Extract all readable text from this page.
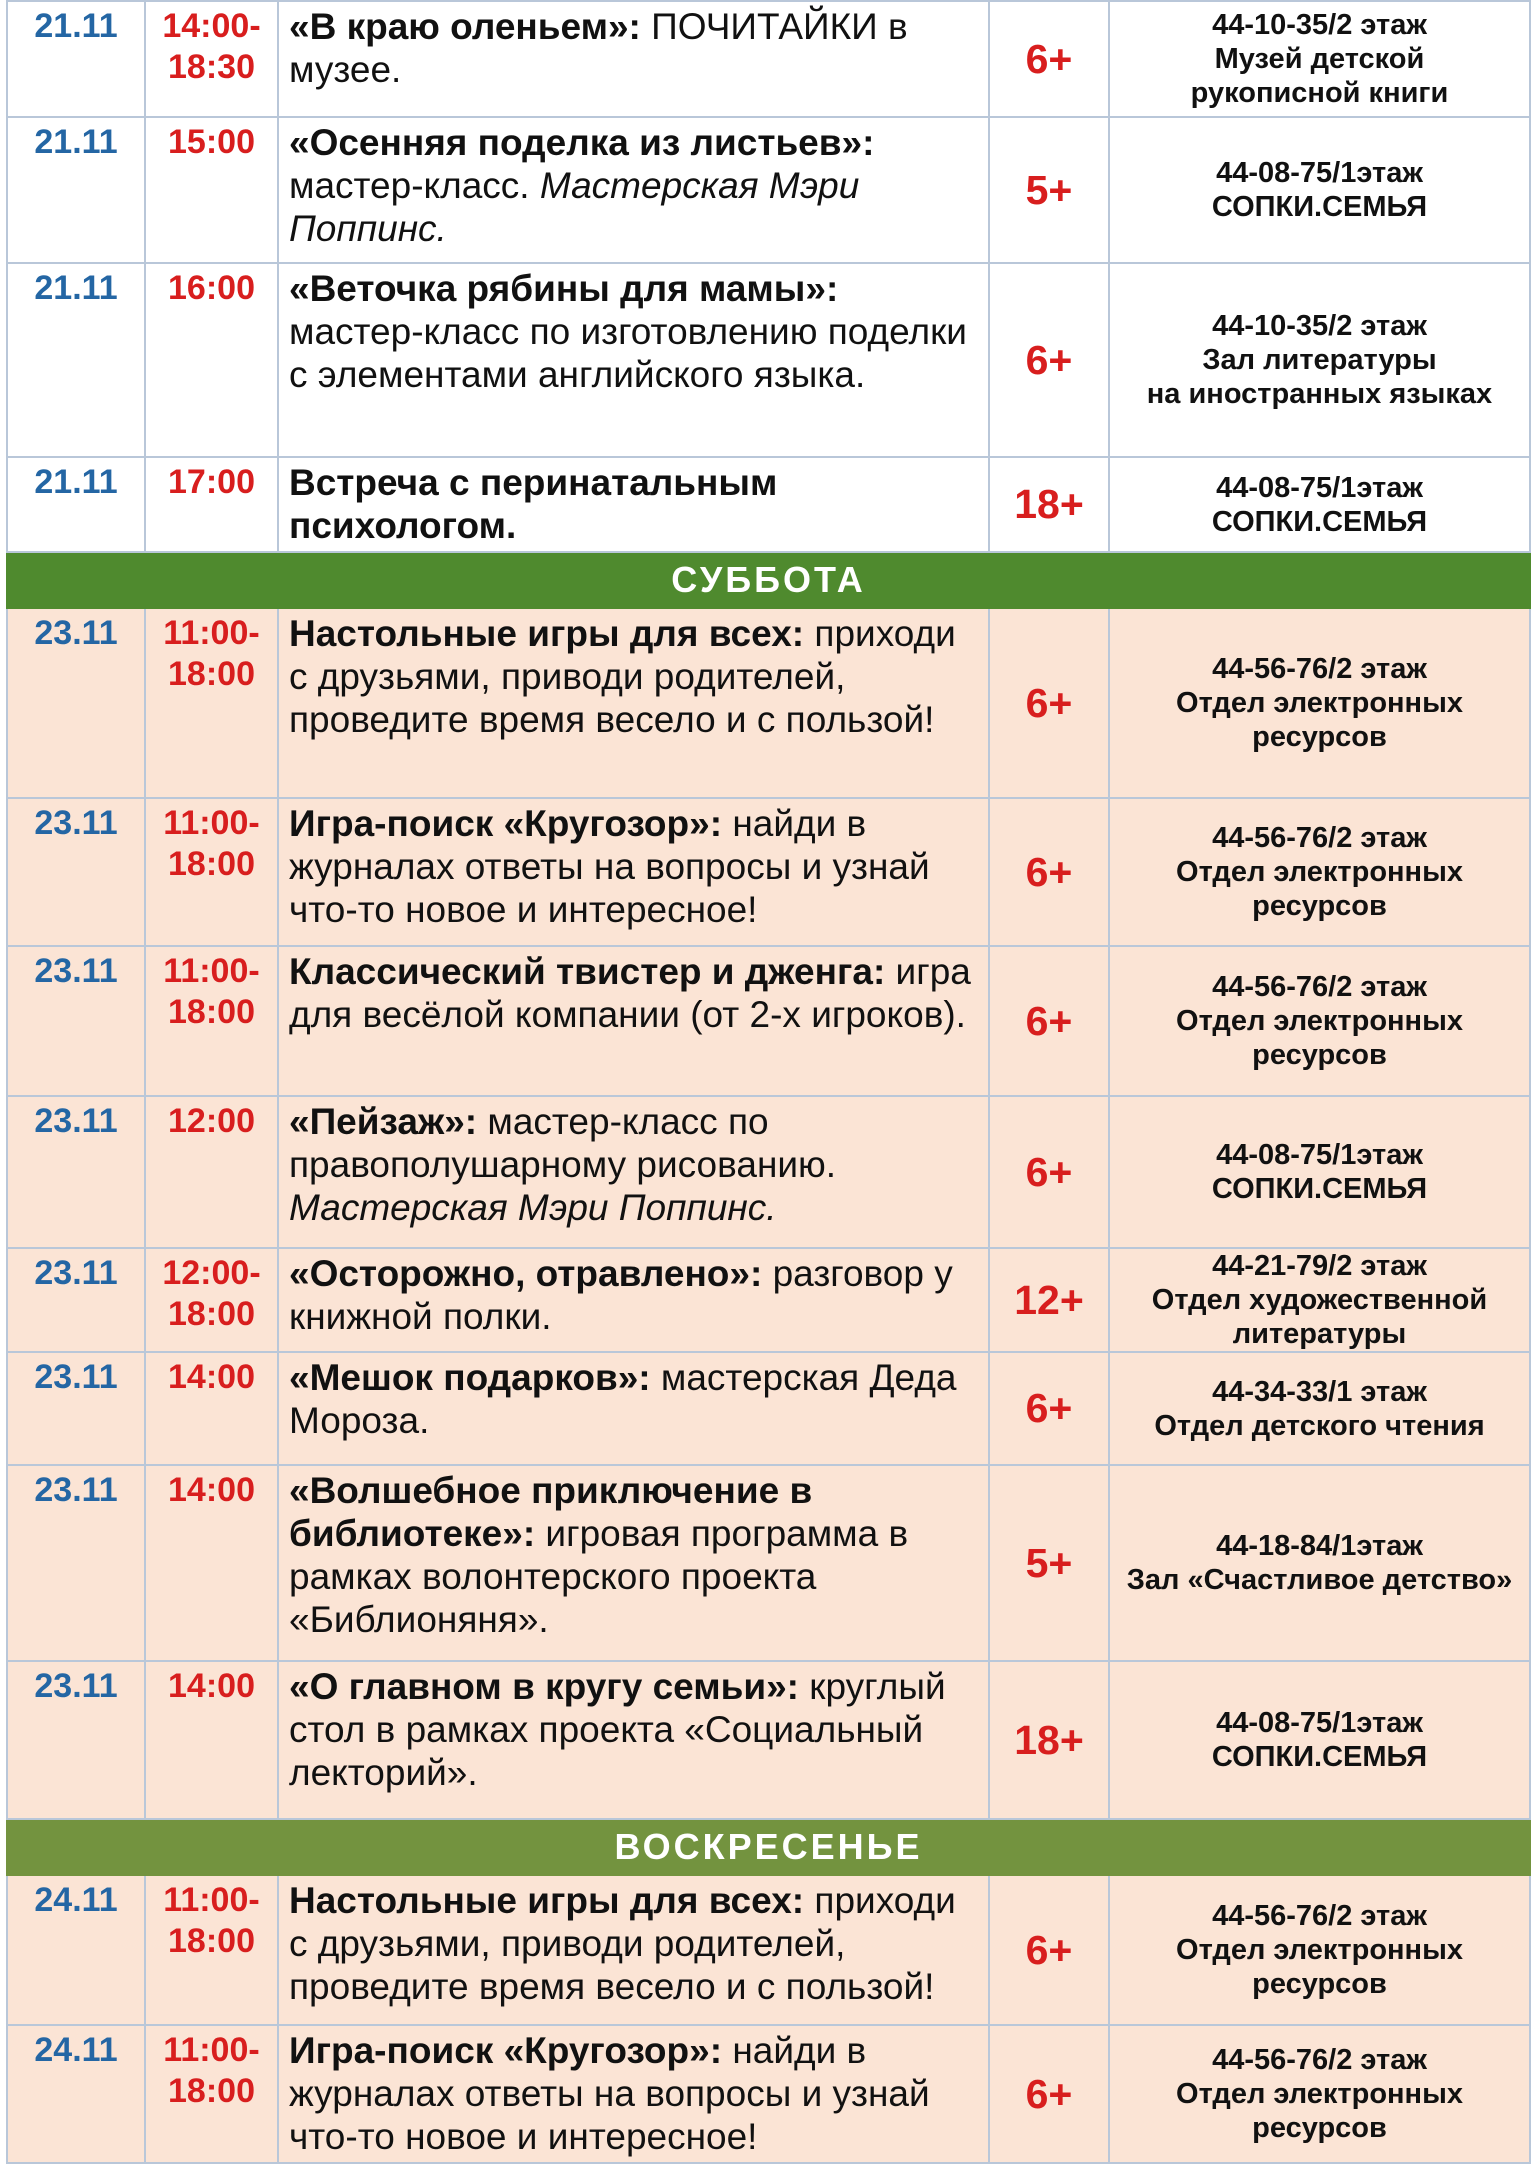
21.11	14:00-
18:30	«В краю оленьем»: ПОЧИТАЙКИ в музее.	6+	44-10-35/2 этаж
Музей детской
рукописной книги

21.11	15:00	«Осенняя поделка из листьев»: мастер-класс. Мастерская Мэри Поппинс.	5+	44-08-75/1этаж
СОПКИ.СЕМЬЯ

21.11	16:00	«Веточка рябины для мамы»: мастер-класс по изготовлению поделки с элементами английского языка.	6+	44-10-35/2 этаж
Зал литературы
на иностранных языках

21.11	17:00	Встреча с перинатальным психологом.	18+	44-08-75/1этаж
СОПКИ.СЕМЬЯ

СУББОТА				
23.11	11:00-
18:00	Настольные игры для всех: приходи с друзьями, приводи родителей, проведите время весело и с пользой!	6+	44-56-76/2 этаж
Отдел электронных
ресурсов

23.11	11:00-
18:00	Игра-поиск «Кругозор»: найди в журналах ответы на вопросы и узнай что-то новое и интересное!	6+	44-56-76/2 этаж
Отдел электронных
ресурсов

23.11	11:00-
18:00	Классический твистер и дженга: игра для весёлой компании (от 2-х игроков).	6+	44-56-76/2 этаж
Отдел электронных
ресурсов

23.11	12:00	«Пейзаж»: мастер-класс по правополушарному рисованию. Мастерская Мэри Поппинс.	6+	44-08-75/1этаж
СОПКИ.СЕМЬЯ

23.11	12:00-
18:00	«Осторожно, отравлено»: разговор у книжной полки.	12+	44-21-79/2 этаж
Отдел художественной
литературы

23.11	14:00	«Мешок подарков»: мастерская Деда Мороза.	6+	44-34-33/1 этаж
Отдел детского чтения

23.11	14:00	«Волшебное приключение в библиотеке»: игровая программа в рамках волонтерского проекта «Библионяня».	5+	44-18-84/1этаж
Зал «Счастливое детство»

23.11	14:00	«О главном в кругу семьи»: круглый стол в рамках проекта «Социальный лекторий».	18+	44-08-75/1этаж
СОПКИ.СЕМЬЯ

ВОСКРЕСЕНЬЕ				
24.11	11:00-
18:00	Настольные игры для всех: приходи с друзьями, приводи родителей, проведите время весело и с пользой!	6+	44-56-76/2 этаж
Отдел электронных
ресурсов

24.11	11:00-
18:00	Игра-поиск «Кругозор»: найди в журналах ответы на вопросы и узнай что-то новое и интересное!	6+	44-56-76/2 этаж
Отдел электронных
ресурсов
